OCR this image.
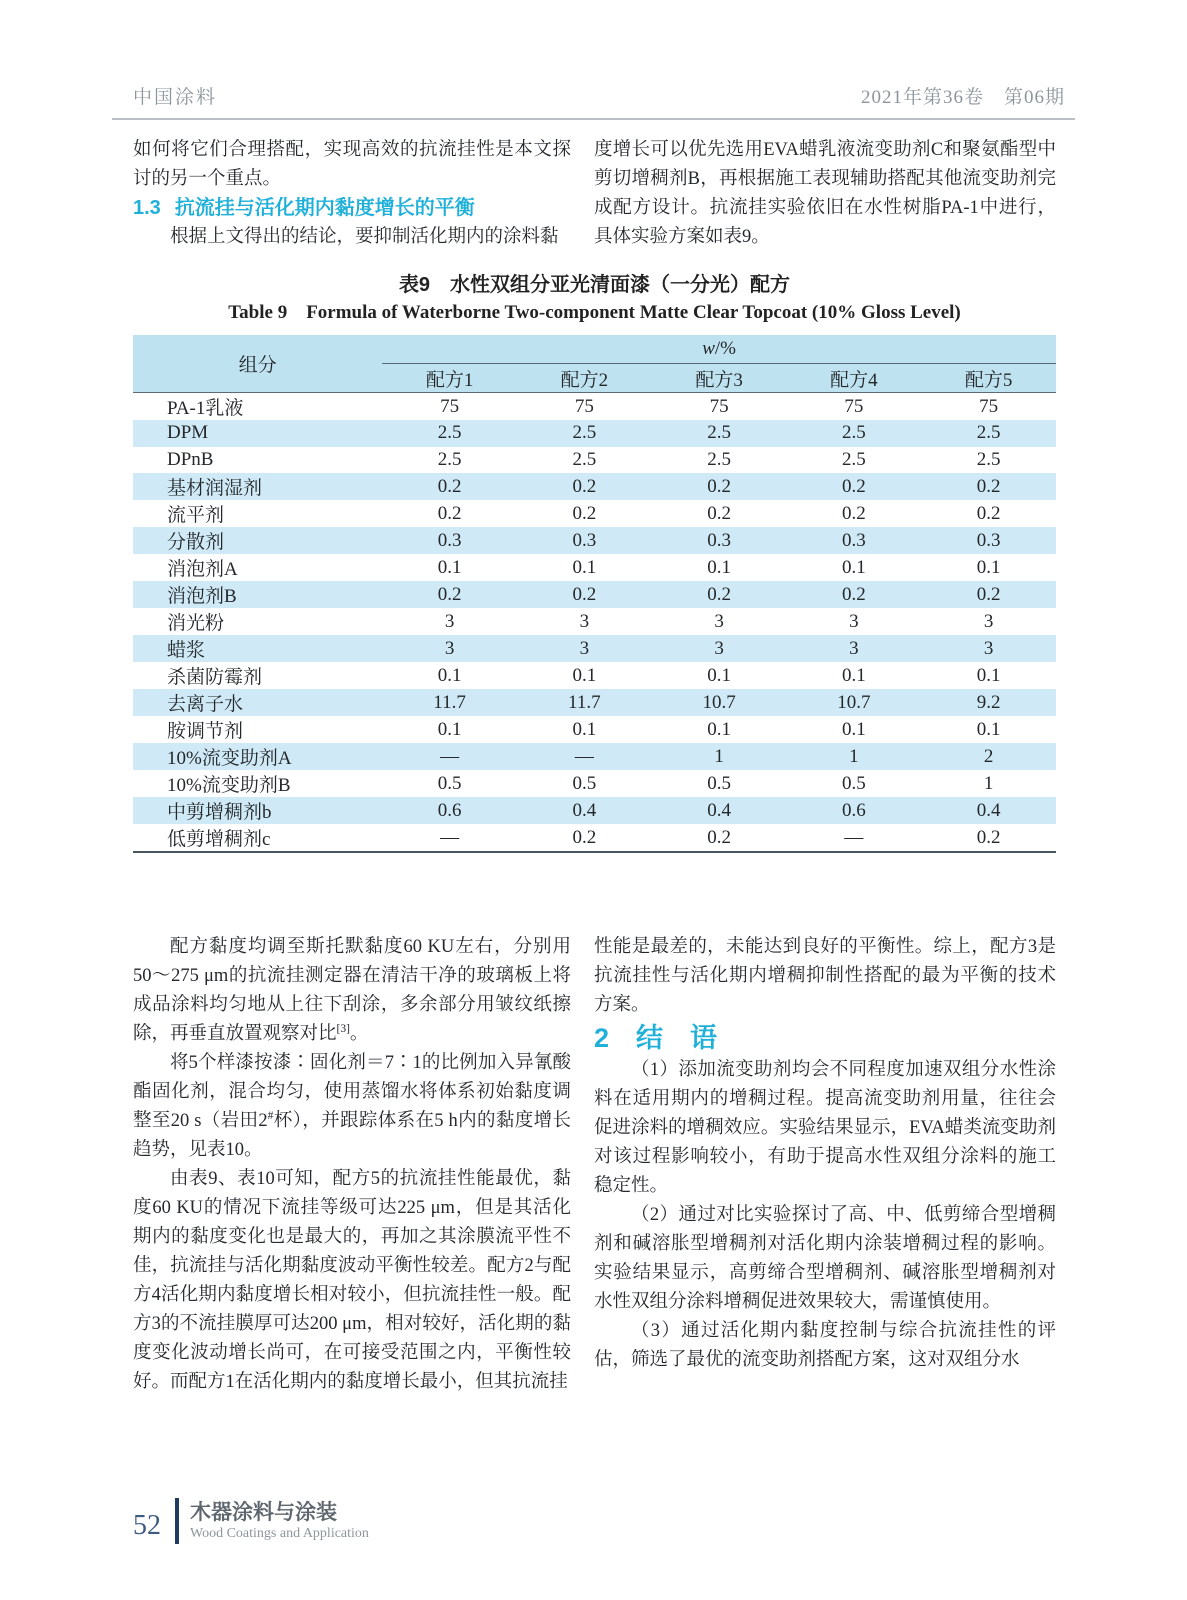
中国涂料	2021年第36卷　第06期

如何将它们合理搭配，实现高效的抗流挂性是本文探讨的另一个重点。

1.3 抗流挂与活化期内黏度增长的平衡

根据上文得出的结论，要抑制活化期内的涂料黏

度增长可以优先选用EVA蜡乳液流变助剂C和聚氨酯型中剪切增稠剂B，再根据施工表现辅助搭配其他流变助剂完成配方设计。抗流挂实验依旧在水性树脂PA-1中进行，具体实验方案如表9。

表9　水性双组分亚光清面漆（一分光）配方

Table 9　Formula of Waterborne Two-component Matte Clear Topcoat (10% Gloss Level)

组分	w/%				
	配方1	配方2	配方3	配方4	配方5
PA-1乳液	75	75	75	75	75
DPM	2.5	2.5	2.5	2.5	2.5
DPnB	2.5	2.5	2.5	2.5	2.5
基材润湿剂	0.2	0.2	0.2	0.2	0.2
流平剂	0.2	0.2	0.2	0.2	0.2
分散剂	0.3	0.3	0.3	0.3	0.3
消泡剂A	0.1	0.1	0.1	0.1	0.1
消泡剂B	0.2	0.2	0.2	0.2	0.2
消光粉	3	3	3	3	3
蜡浆	3	3	3	3	3
杀菌防霉剂	0.1	0.1	0.1	0.1	0.1
去离子水	11.7	11.7	10.7	10.7	9.2
胺调节剂	0.1	0.1	0.1	0.1	0.1
10%流变助剂A	—	—	1	1	2
10%流变助剂B	0.5	0.5	0.5	0.5	1
中剪增稠剂b	0.6	0.4	0.4	0.6	0.4
低剪增稠剂c	—	0.2	0.2	—	0.2

配方黏度均调至斯托默黏度60 KU左右，分别用50～275 μm的抗流挂测定器在清洁干净的玻璃板上将成品涂料均匀地从上往下刮涂，多余部分用皱纹纸擦除，再垂直放置观察对比[3]。

将5个样漆按漆∶固化剂＝7∶1的比例加入异氰酸酯固化剂，混合均匀，使用蒸馏水将体系初始黏度调整至20 s（岩田2#杯），并跟踪体系在5 h内的黏度增长趋势，见表10。

由表9、表10可知，配方5的抗流挂性能最优，黏度60 KU的情况下流挂等级可达225 μm，但是其活化期内的黏度变化也是最大的，再加之其涂膜流平性不佳，抗流挂与活化期黏度波动平衡性较差。配方2与配方4活化期内黏度增长相对较小，但抗流挂性一般。配方3的不流挂膜厚可达200 μm，相对较好，活化期的黏度变化波动增长尚可，在可接受范围之内，平衡性较好。而配方1在活化期内的黏度增长最小，但其抗流挂

性能是最差的，未能达到良好的平衡性。综上，配方3是抗流挂性与活化期内增稠抑制性搭配的最为平衡的技术方案。

2　结　语

（1）添加流变助剂均会不同程度加速双组分水性涂料在适用期内的增稠过程。提高流变助剂用量，往往会促进涂料的增稠效应。实验结果显示，EVA蜡类流变助剂对该过程影响较小，有助于提高水性双组分涂料的施工稳定性。

（2）通过对比实验探讨了高、中、低剪缔合型增稠剂和碱溶胀型增稠剂对活化期内涂装增稠过程的影响。实验结果显示，高剪缔合型增稠剂、碱溶胀型增稠剂对水性双组分涂料增稠促进效果较大，需谨慎使用。

（3）通过活化期内黏度控制与综合抗流挂性的评估，筛选了最优的流变助剂搭配方案，这对双组分水

52 木器涂料与涂装
Wood Coatings and Application
